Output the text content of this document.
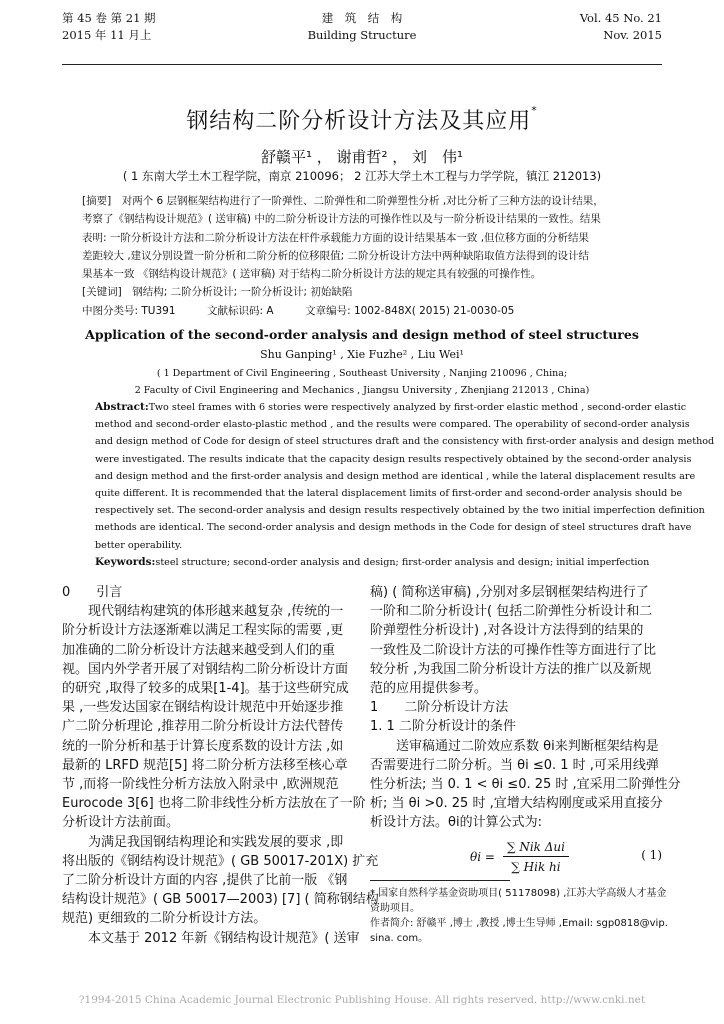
第 45 卷 第 21 期
2015 年 11 月上
建　筑　结　构
Building Structure
Vol. 45 No. 21
Nov. 2015
钢结构二阶分析设计方法及其应用*
舒赣平¹ ， 谢甫哲² ， 刘　伟¹
( 1 东南大学土木工程学院，南京 210096； 2 江苏大学土木工程与力学学院，镇江 212013)
[摘要]　对两个 6 层钢框架结构进行了一阶弹性、二阶弹性和二阶弹塑性分析 ,对比分析了三种方法的设计结果，
考察了《钢结构设计规范》( 送审稿) 中的二阶分析设计方法的可操作性以及与一阶分析设计结果的一致性。结果
表明: 一阶分析设计方法和二阶分析设计方法在杆件承载能力方面的设计结果基本一致 ,但位移方面的分析结果
差距较大 ,建议分别设置一阶分析和二阶分析的位移限值; 二阶分析设计方法中两种缺陷取值方法得到的设计结
果基本一致 《钢结构设计规范》( 送审稿) 对于结构二阶分析设计方法的规定具有较强的可操作性。
[关键词]　钢结构; 二阶分析设计; 一阶分析设计; 初始缺陷
中图分类号: TU391　　　文献标识码: A　　　文章编号: 1002-848X( 2015) 21-0030-05
Application of the second-order analysis and design method of steel structures
Shu Ganping¹ , Xie Fuzhe² , Liu Wei¹
( 1 Department of Civil Engineering , Southeast University , Nanjing 210096 , China;
2 Faculty of Civil Engineering and Mechanics , Jiangsu University , Zhenjiang 212013 , China)
Abstract:Two steel frames with 6 stories were respectively analyzed by first-order elastic method , second-order elastic
method and second-order elasto-plastic method , and the results were compared. The operability of second-order analysis
and design method of Code for design of steel structures draft and the consistency with first-order analysis and design method
were investigated. The results indicate that the capacity design results respectively obtained by the second-order analysis
and design method and the first-order analysis and design method are identical , while the lateral displacement results are
quite different. It is recommended that the lateral displacement limits of first-order and second-order analysis should be
respectively set. The second-order analysis and design results respectively obtained by the two initial imperfection definition
methods are identical. The second-order analysis and design methods in the Code for design of steel structures draft have
better operability.
Keywords:steel structure; second-order analysis and design; first-order analysis and design; initial imperfection
0　　引言
现代钢结构建筑的体形越来越复杂 ,传统的一
阶分析设计方法逐渐难以满足工程实际的需要 ,更
加准确的二阶分析设计方法越来越受到人们的重
视。国内外学者开展了对钢结构二阶分析设计方面
的研究 ,取得了较多的成果[1-4]。基于这些研究成
果 ,一些发达国家在钢结构设计规范中开始逐步推
广二阶分析理论 ,推荐用二阶分析设计方法代替传
统的一阶分析和基于计算长度系数的设计方法 ,如
最新的 LRFD 规范[5] 将二阶分析方法移至核心章
节 ,而将一阶线性分析方法放入附录中 ,欧洲规范
Eurocode 3[6] 也将二阶非线性分析方法放在了一阶
分析设计方法前面。
为满足我国钢结构理论和实践发展的要求 ,即
将出版的《钢结构设计规范》( GB 50017-201X) 扩充
了二阶分析设计方面的内容 ,提供了比前一版 《钢
结构设计规范》( GB 50017—2003) [7] ( 简称钢结构
规范) 更细致的二阶分析设计方法。
本文基于 2012 年新《钢结构设计规范》( 送审
稿) ( 简称送审稿) ,分别对多层钢框架结构进行了
一阶和二阶分析设计( 包括二阶弹性分析设计和二
阶弹塑性分析设计) ,对各设计方法得到的结果的
一致性及二阶设计方法的可操作性等方面进行了比
较分析 ,为我国二阶分析设计方法的推广以及新规
范的应用提供参考。
1　　二阶分析设计方法
1. 1 二阶分析设计的条件
送审稿通过二阶效应系数 θi来判断框架结构是
否需要进行二阶分析。当 θi ≤0. 1 时 ,可采用线弹
性分析法; 当 0. 1 < θi ≤0. 25 时 ,宜采用二阶弹性分
析; 当 θi >0. 25 时 ,宜增大结构刚度或采用直接分
析设计方法。θi的计算公式为:
θi =
∑ Nik Δui
∑ Hik hi
( 1)
* 国家自然科学基金资助项目( 51178098) ,江苏大学高级人才基金
资助项目。
作者简介: 舒赣平 ,博士 ,教授 ,博士生导师 ,Email: sgp0818@vip.
sina. com。
?1994-2015 China Academic Journal Electronic Publishing House. All rights reserved. http://www.cnki.net
